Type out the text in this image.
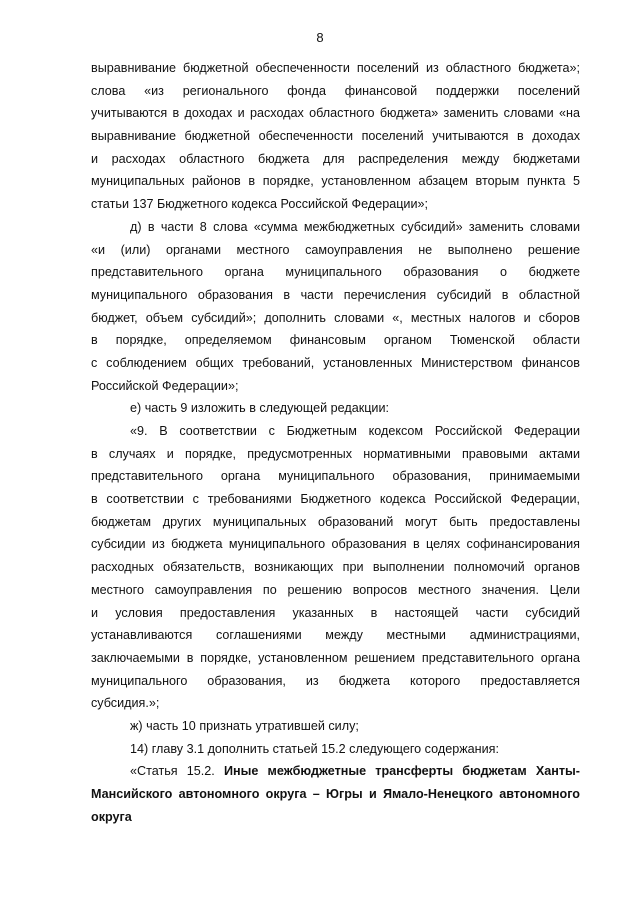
8
выравнивание бюджетной обеспеченности поселений из областного бюджета»;
слова «из регионального фонда финансовой поддержки поселений
учитываются в доходах и расходах областного бюджета» заменить словами «на
выравнивание бюджетной обеспеченности поселений учитываются в доходах
и расходах областного бюджета для распределения между бюджетами
муниципальных районов в порядке, установленном абзацем вторым пункта 5
статьи 137 Бюджетного кодекса Российской Федерации»;
д) в части 8 слова «сумма межбюджетных субсидий» заменить словами
«и (или) органами местного самоуправления не выполнено решение
представительного органа муниципального образования о бюджете
муниципального образования в части перечисления субсидий в областной
бюджет, объем субсидий»; дополнить словами «, местных налогов и сборов
в порядке, определяемом финансовым органом Тюменской области
с соблюдением общих требований, установленных Министерством финансов
Российской Федерации»;
е) часть 9 изложить в следующей редакции:
«9. В соответствии с Бюджетным кодексом Российской Федерации
в случаях и порядке, предусмотренных нормативными правовыми актами
представительного органа муниципального образования, принимаемыми
в соответствии с требованиями Бюджетного кодекса Российской Федерации,
бюджетам других муниципальных образований могут быть предоставлены
субсидии из бюджета муниципального образования в целях софинансирования
расходных обязательств, возникающих при выполнении полномочий органов
местного самоуправления по решению вопросов местного значения. Цели
и условия предоставления указанных в настоящей части субсидий
устанавливаются соглашениями между местными администрациями,
заключаемыми в порядке, установленном решением представительного органа
муниципального образования, из бюджета которого предоставляется
субсидия.»;
ж) часть 10 признать утратившей силу;
14) главу 3.1 дополнить статьей 15.2 следующего содержания:
«Статья 15.2. Иные межбюджетные трансферты бюджетам Ханты-
Мансийского автономного округа – Югры и Ямало-Ненецкого автономного
округа
